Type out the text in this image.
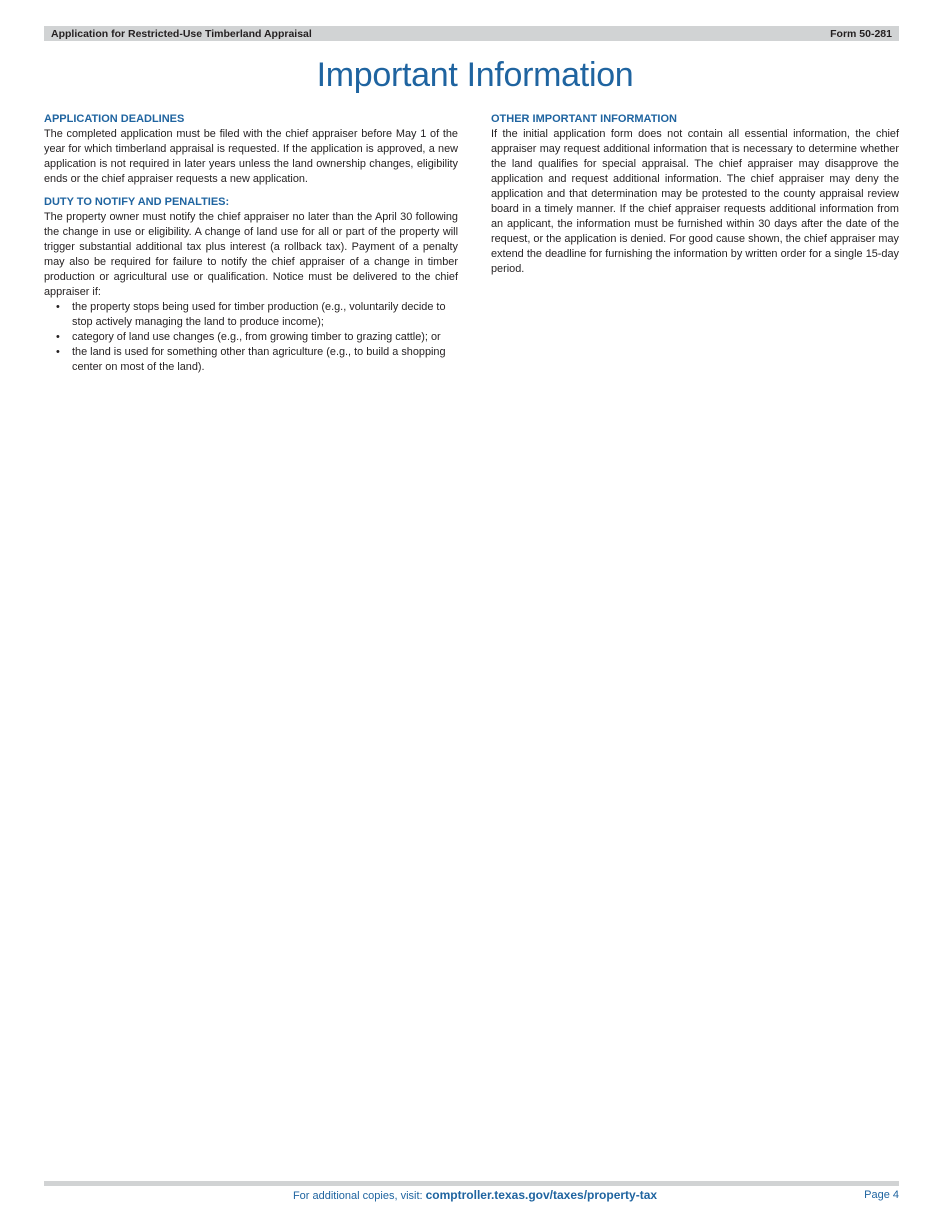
Application for Restricted-Use Timberland Appraisal	Form 50-281
Important Information
APPLICATION DEADLINES

The completed application must be filed with the chief appraiser before May 1 of the year for which timberland appraisal is requested. If the application is approved, a new application is not required in later years unless the land ownership changes, eligibility ends or the chief appraiser requests a new application.

DUTY TO NOTIFY AND PENALTIES:

The property owner must notify the chief appraiser no later than the April 30 following the change in use or eligibility. A change of land use for all or part of the property will trigger substantial additional tax plus interest (a rollback tax). Payment of a penalty may also be required for failure to notify the chief appraiser of a change in timber production or agricultural use or qualification. Notice must be delivered to the chief appraiser if:

• the property stops being used for timber production (e.g., voluntarily decide to stop actively managing the land to produce income);
• category of land use changes (e.g., from growing timber to grazing cattle); or
• the land is used for something other than agriculture (e.g., to build a shopping center on most of the land).
OTHER IMPORTANT INFORMATION

If the initial application form does not contain all essential information, the chief appraiser may request additional information that is necessary to determine whether the land qualifies for special appraisal. The chief appraiser may disapprove the application and request additional information. The chief appraiser may deny the application and that determination may be protested to the county appraisal review board in a timely manner. If the chief appraiser requests additional information from an applicant, the information must be furnished within 30 days after the date of the request, or the application is denied. For good cause shown, the chief appraiser may extend the deadline for furnishing the information by written order for a single 15-day period.

For additional copies, visit: comptroller.texas.gov/taxes/property-tax	Page 4
